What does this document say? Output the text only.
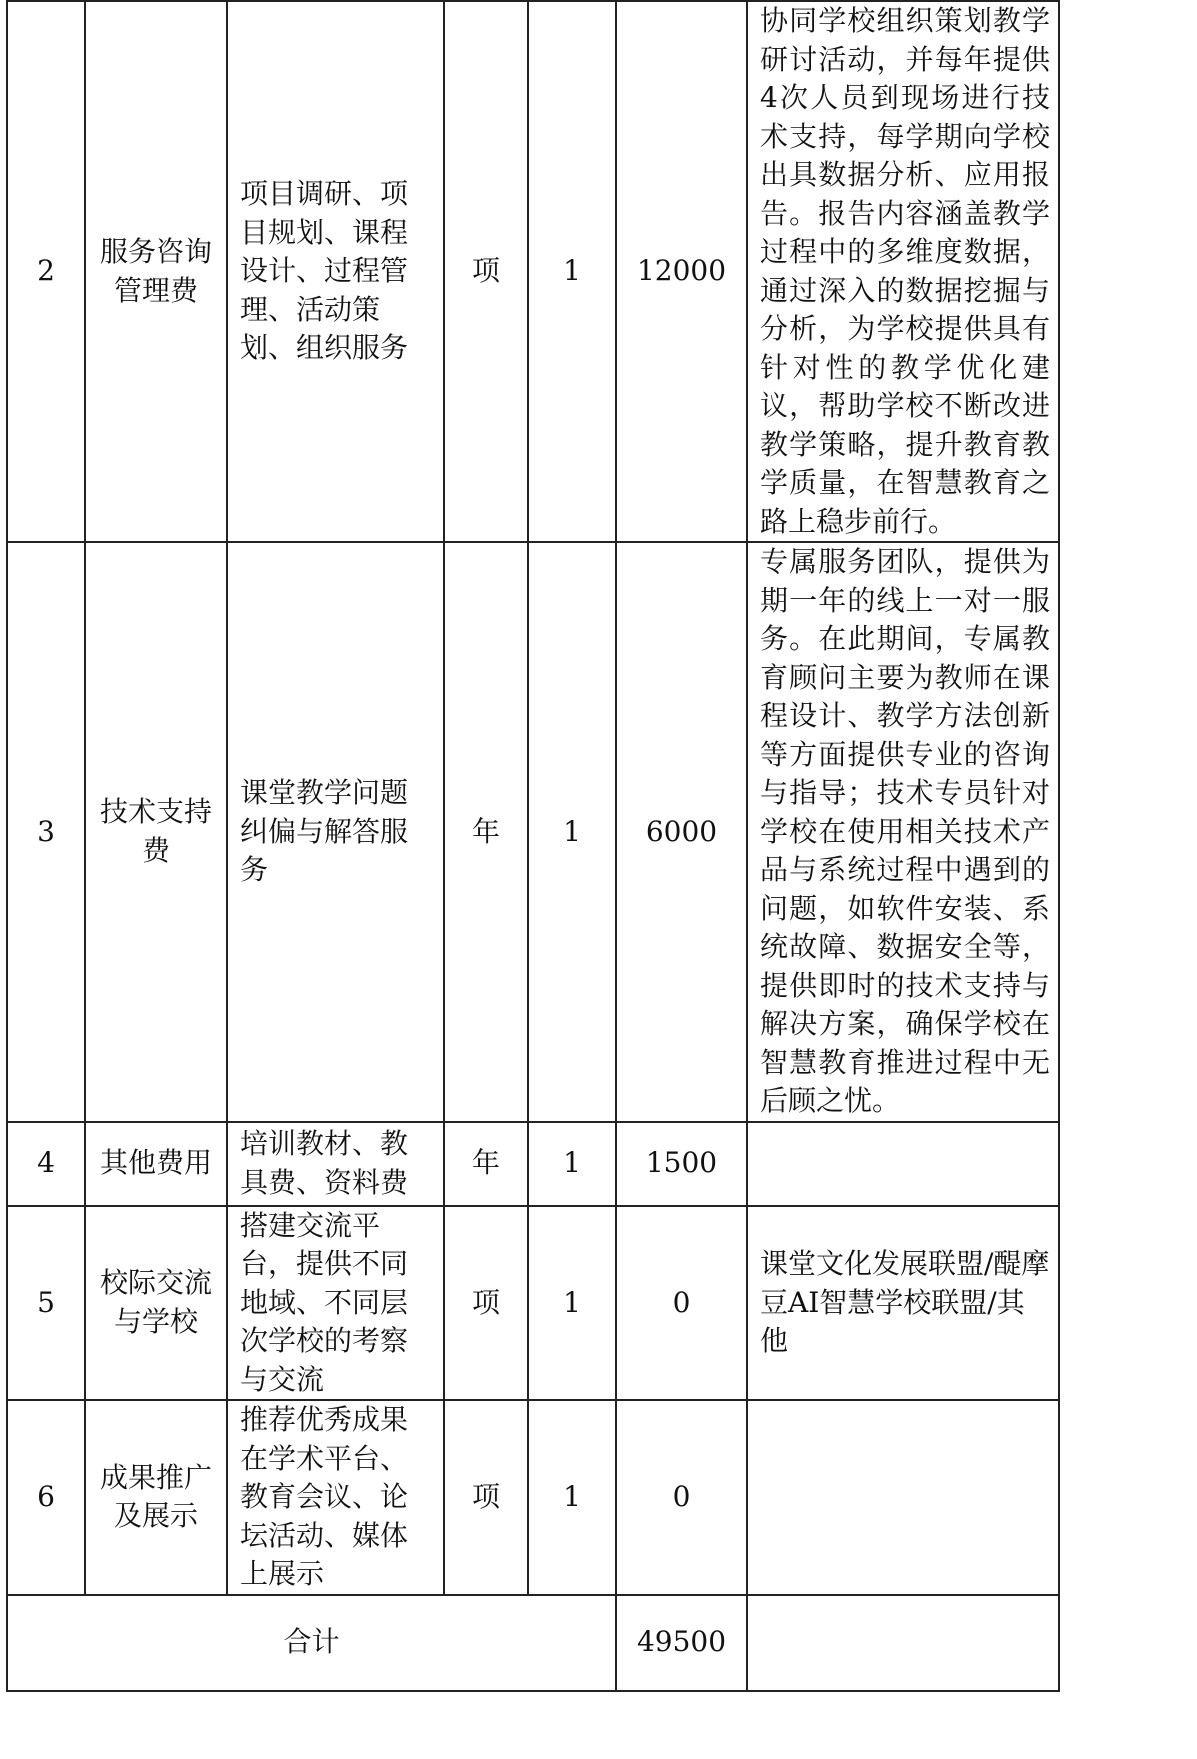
2	服务咨询管理费	项目调研、项目规划、课程设计、过程管理、活动策划、组织服务	项	1	12000	协同学校组织策划教学研讨活动，并每年提供4次人员到现场进行技术支持，每学期向学校出具数据分析、应用报告。报告内容涵盖教学过程中的多维度数据，通过深入的数据挖掘与分析，为学校提供具有针对性的教学优化建议，帮助学校不断改进教学策略，提升教育教学质量，在智慧教育之路上稳步前行。
3	技术支持费	课堂教学问题纠偏与解答服务	年	1	6000	专属服务团队，提供为期一年的线上一对一服务。在此期间，专属教育顾问主要为教师在课程设计、教学方法创新等方面提供专业的咨询与指导；技术专员针对学校在使用相关技术产品与系统过程中遇到的问题，如软件安装、系统故障、数据安全等，提供即时的技术支持与解决方案，确保学校在智慧教育推进过程中无后顾之忧。
4	其他费用	培训教材、教具费、资料费	年	1	1500	
5	校际交流与学校	搭建交流平台，提供不同地域、不同层次学校的考察与交流	项	1	0	课堂文化发展联盟/醍摩豆AI智慧学校联盟/其他
6	成果推广及展示	推荐优秀成果在学术平台、教育会议、论坛活动、媒体上展示	项	1	0	
合计					49500	
